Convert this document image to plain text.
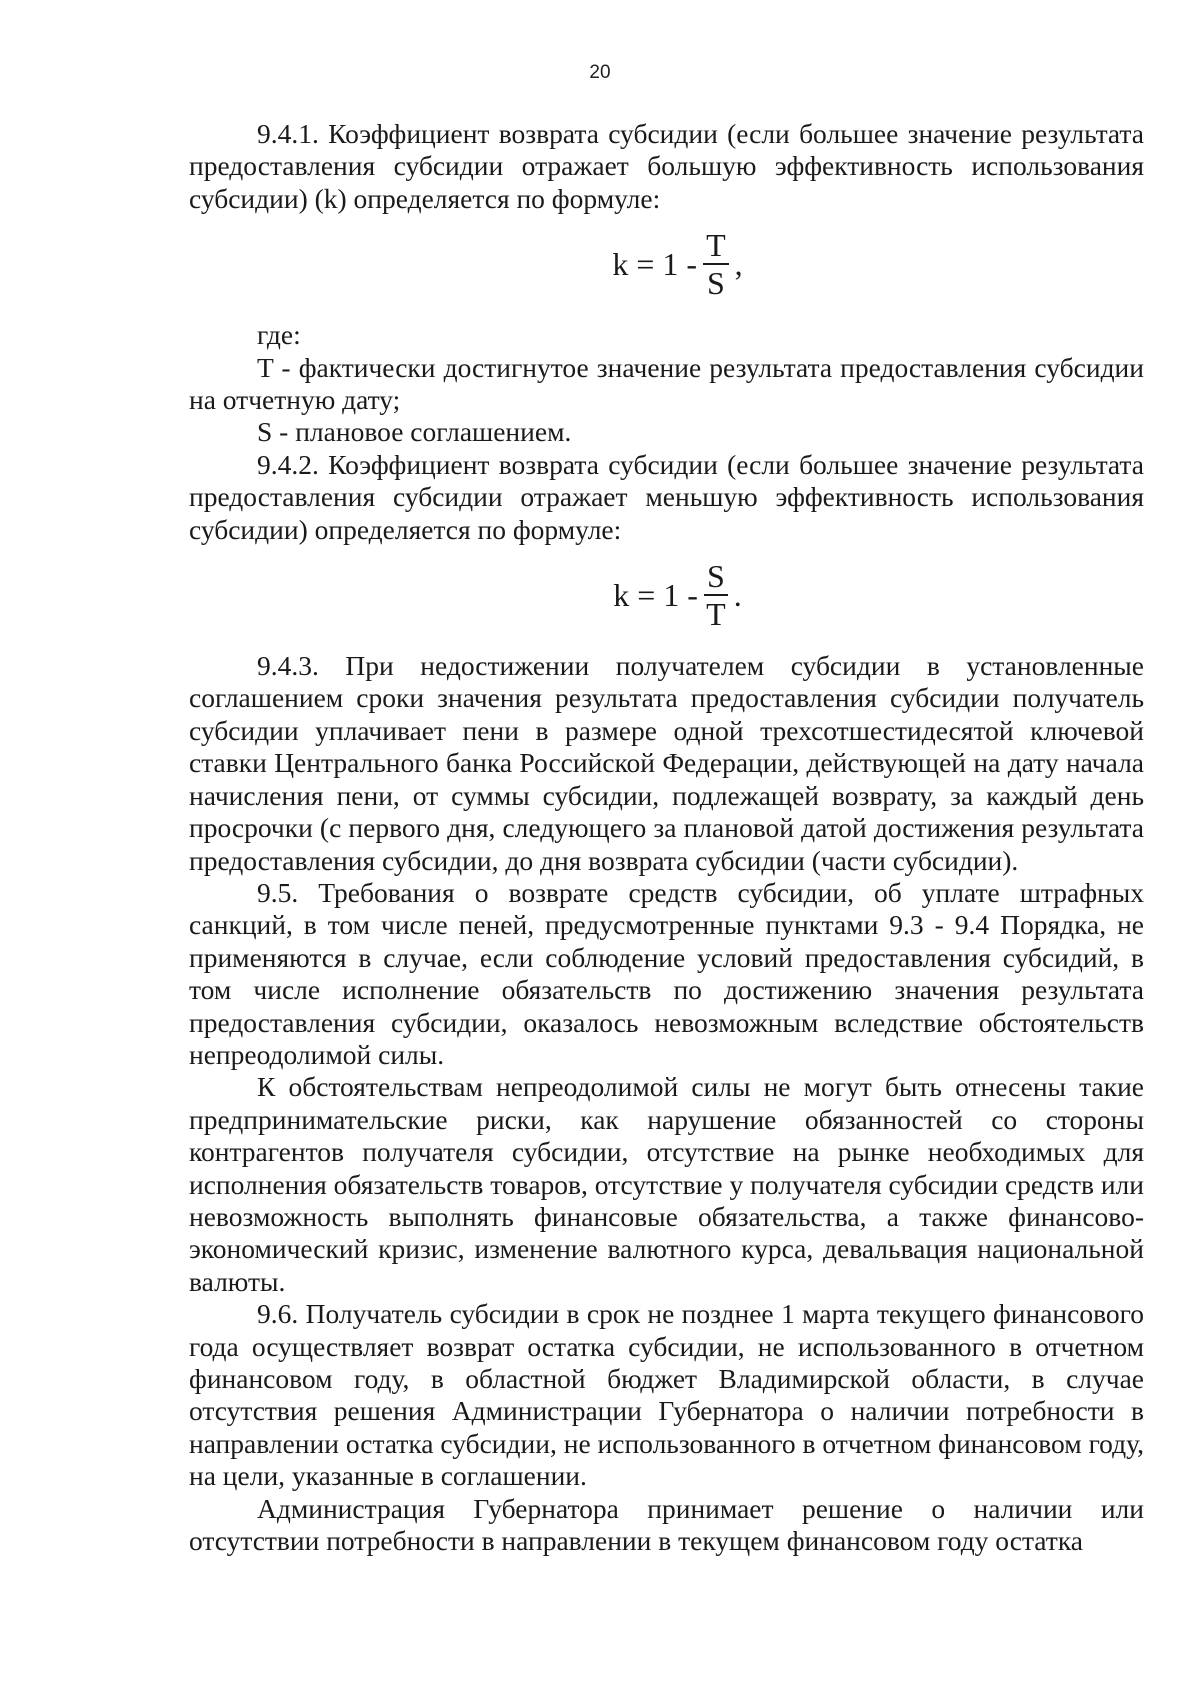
20

9.4.1. Коэффициент возврата субсидии (если большее значение результата предоставления субсидии отражает большую эффективность использования субсидии) (k) определяется по формуле:

$k = 1 - \frac{T}{S}$ ,

где:

T - фактически достигнутое значение результата предоставления субсидии на отчетную дату;

S - плановое соглашением.

9.4.2. Коэффициент возврата субсидии (если большее значение результата предоставления субсидии отражает меньшую эффективность использования субсидии) определяется по формуле:

$k = 1 - \frac{S}{T}$ .

9.4.3. При недостижении получателем субсидии в установленные соглашением сроки значения результата предоставления субсидии получатель субсидии уплачивает пени в размере одной трехсотшестидесятой ключевой ставки Центрального банка Российской Федерации, действующей на дату начала начисления пени, от суммы субсидии, подлежащей возврату, за каждый день просрочки (с первого дня, следующего за плановой датой достижения результата предоставления субсидии, до дня возврата субсидии (части субсидии).

9.5. Требования о возврате средств субсидии, об уплате штрафных санкций, в том числе пеней, предусмотренные пунктами 9.3 - 9.4 Порядка, не применяются в случае, если соблюдение условий предоставления субсидий, в том числе исполнение обязательств по достижению значения результата предоставления субсидии, оказалось невозможным вследствие обстоятельств непреодолимой силы.

К обстоятельствам непреодолимой силы не могут быть отнесены такие предпринимательские риски, как нарушение обязанностей со стороны контрагентов получателя субсидии, отсутствие на рынке необходимых для исполнения обязательств товаров, отсутствие у получателя субсидии средств или невозможность выполнять финансовые обязательства, а также финансово-экономический кризис, изменение валютного курса, девальвация национальной валюты.

9.6. Получатель субсидии в срок не позднее 1 марта текущего финансового года осуществляет возврат остатка субсидии, не использованного в отчетном финансовом году, в областной бюджет Владимирской области, в случае отсутствия решения Администрации Губернатора о наличии потребности в направлении остатка субсидии, не использованного в отчетном финансовом году, на цели, указанные в соглашении.

Администрация Губернатора принимает решение о наличии или отсутствии потребности в направлении в текущем финансовом году остатка
